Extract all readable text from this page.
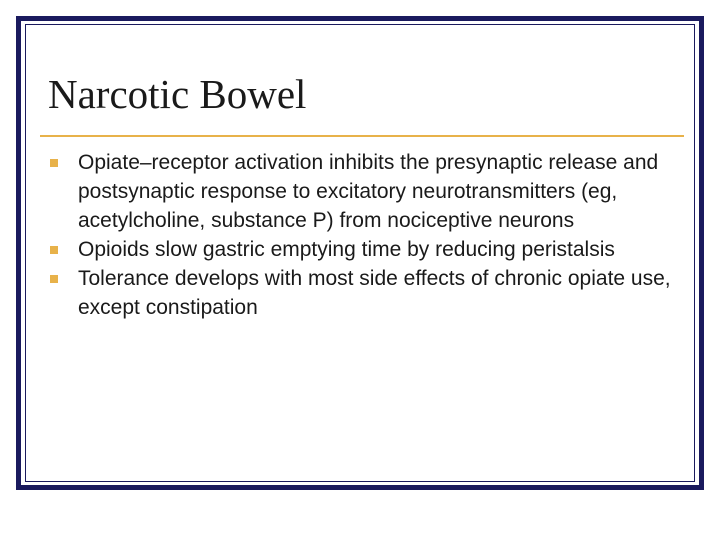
Narcotic Bowel
Opiate–receptor activation inhibits the presynaptic release and postsynaptic response to excitatory neurotransmitters (eg, acetylcholine, substance P) from nociceptive neurons
Opioids slow gastric emptying time by reducing peristalsis
Tolerance develops with most side effects of chronic opiate use, except constipation
